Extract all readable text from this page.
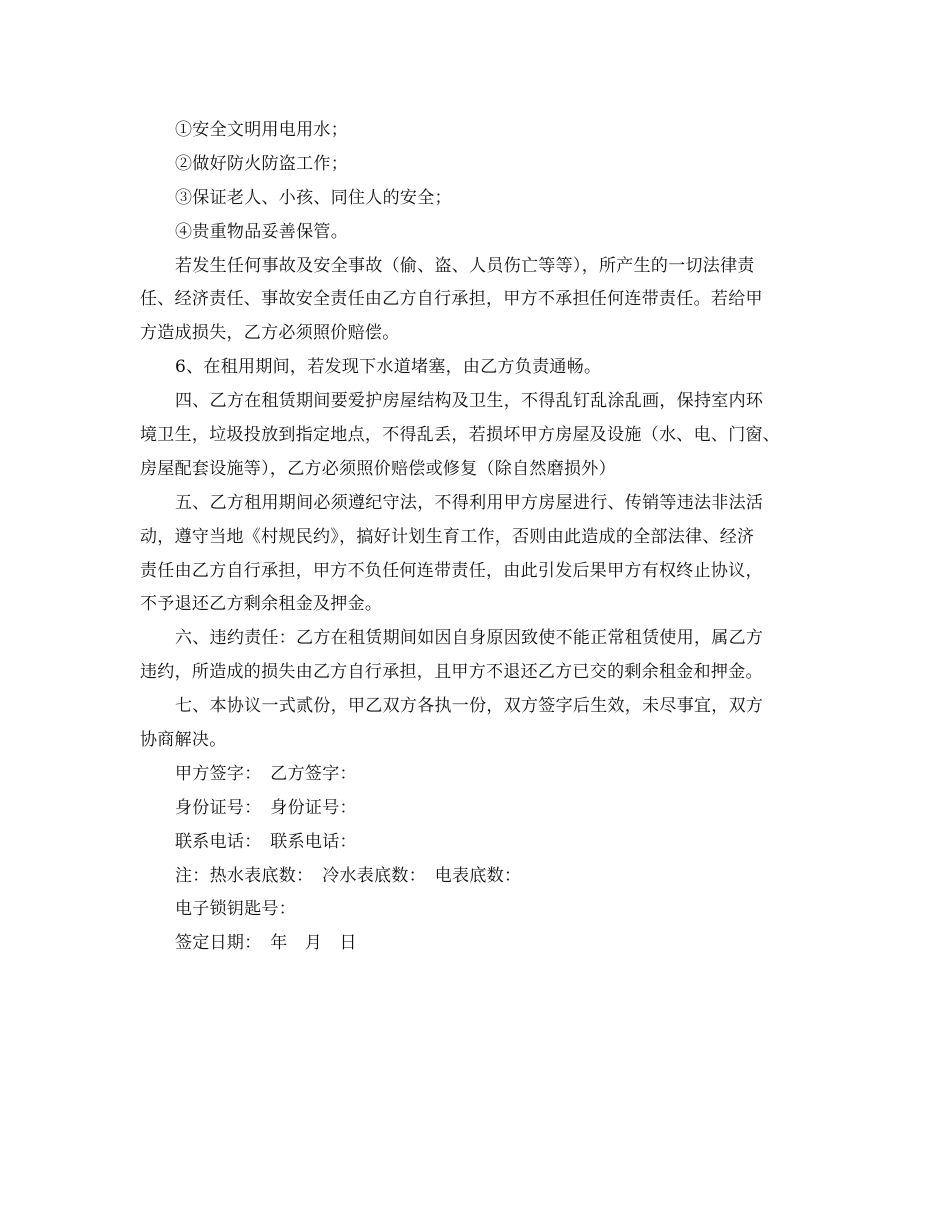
①安全文明用电用水；
②做好防火防盗工作；
③保证老人、小孩、同住人的安全；
④贵重物品妥善保管。
若发生任何事故及安全事故（偷、盗、人员伤亡等等），所产生的一切法律责
任、经济责任、事故安全责任由乙方自行承担，甲方不承担任何连带责任。若给甲
方造成损失，乙方必须照价赔偿。
6、在租用期间，若发现下水道堵塞，由乙方负责通畅。
四、乙方在租赁期间要爱护房屋结构及卫生，不得乱钉乱涂乱画，保持室内环
境卫生，垃圾投放到指定地点，不得乱丢，若损坏甲方房屋及设施（水、电、门窗、
房屋配套设施等），乙方必须照价赔偿或修复（除自然磨损外）
五、乙方租用期间必须遵纪守法，不得利用甲方房屋进行、传销等违法非法活
动，遵守当地《村规民约》，搞好计划生育工作，否则由此造成的全部法律、经济
责任由乙方自行承担，甲方不负任何连带责任，由此引发后果甲方有权终止协议，
不予退还乙方剩余租金及押金。
六、违约责任：乙方在租赁期间如因自身原因致使不能正常租赁使用，属乙方
违约，所造成的损失由乙方自行承担，且甲方不退还乙方已交的剩余租金和押金。
七、本协议一式贰份，甲乙双方各执一份，双方签字后生效，未尽事宜，双方
协商解决。
甲方签字：　乙方签字：
身份证号：　身份证号：
联系电话：　联系电话：
注：热水表底数：　冷水表底数：　电表底数：
电子锁钥匙号：
签定日期：　年　月　日
